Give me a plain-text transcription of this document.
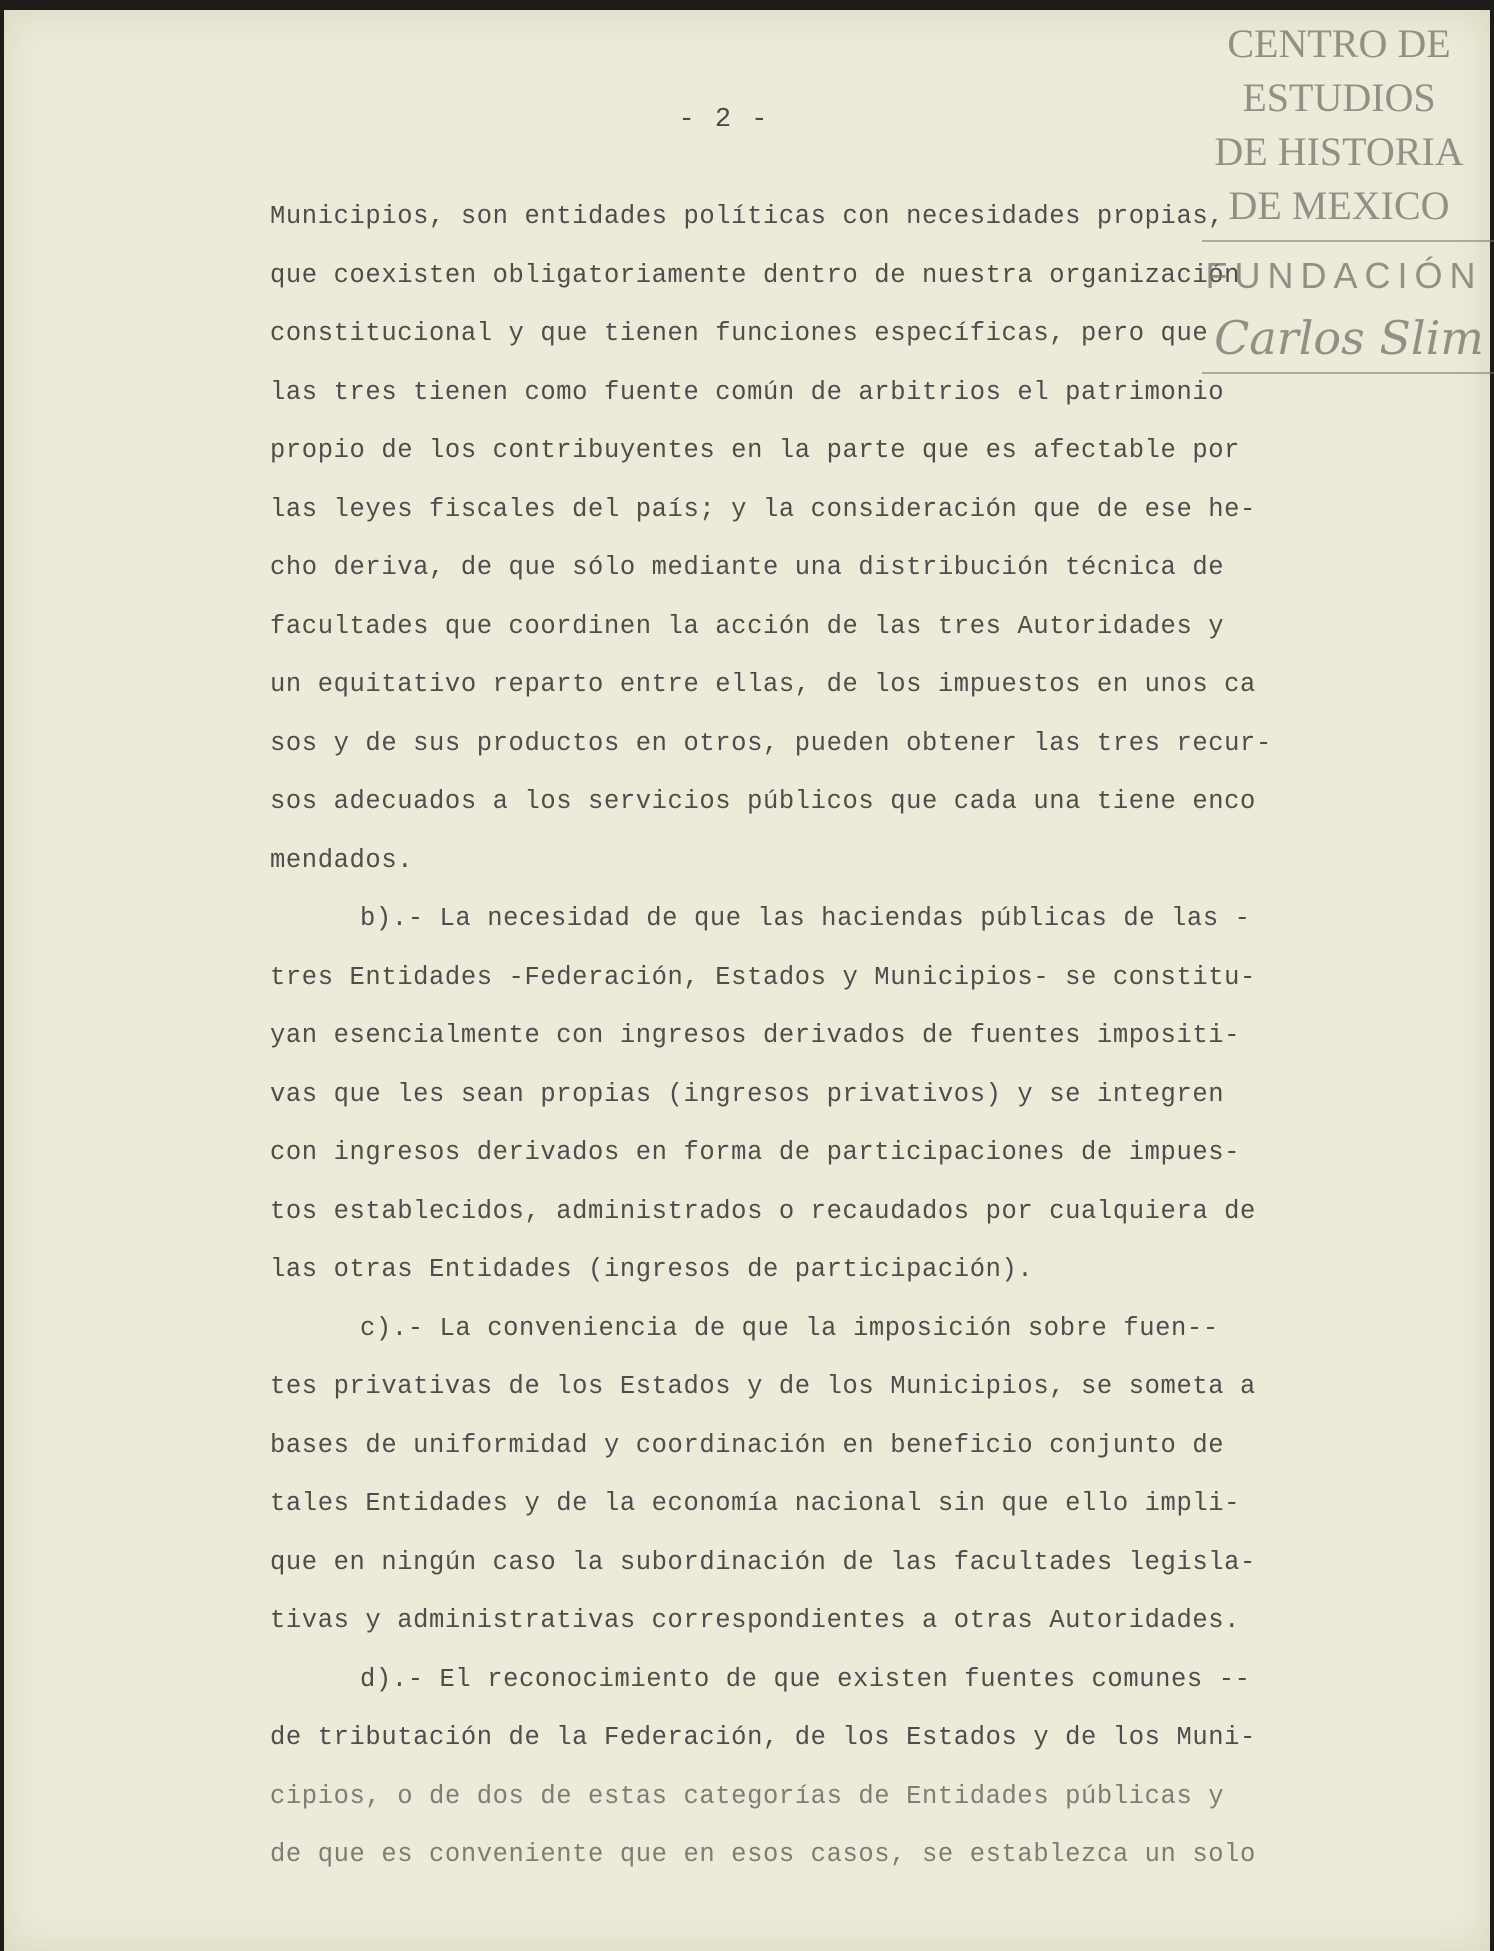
- 2 -
Municipios, son entidades políticas con necesidades propias,
que coexisten obligatoriamente dentro de nuestra organización
constitucional y que tienen funciones específicas, pero que
las tres tienen como fuente común de arbitrios el patrimonio
propio de los contribuyentes en la parte que es afectable por
las leyes fiscales del país; y la consideración que de ese he-
cho deriva, de que sólo mediante una distribución técnica de
facultades que coordinen la acción de las tres Autoridades y
un equitativo reparto entre ellas, de los impuestos en unos ca
sos y de sus productos en otros, pueden obtener las tres recur-
sos adecuados a los servicios públicos que cada una tiene enco
mendados.
b).- La necesidad de que las haciendas públicas de las -
tres Entidades -Federación, Estados y Municipios- se constitu-
yan esencialmente con ingresos derivados de fuentes impositi-
vas que les sean propias (ingresos privativos) y se integren
con ingresos derivados en forma de participaciones de impues-
tos establecidos, administrados o recaudados por cualquiera de
las otras Entidades (ingresos de participación).
c).- La conveniencia de que la imposición sobre fuen--
tes privativas de los Estados y de los Municipios, se someta a
bases de uniformidad y coordinación en beneficio conjunto de
tales Entidades y de la economía nacional sin que ello impli-
que en ningún caso la subordinación de las facultades legisla-
tivas y administrativas correspondientes a otras Autoridades.
d).- El reconocimiento de que existen fuentes comunes --
de tributación de la Federación, de los Estados y de los Muni-
cipios, o de dos de estas categorías de Entidades públicas y
de que es conveniente que en esos casos, se establezca un solo
CENTRO DE
ESTUDIOS
DE HISTORIA
DE MEXICO
FUNDACIÓN
Carlos Slim
